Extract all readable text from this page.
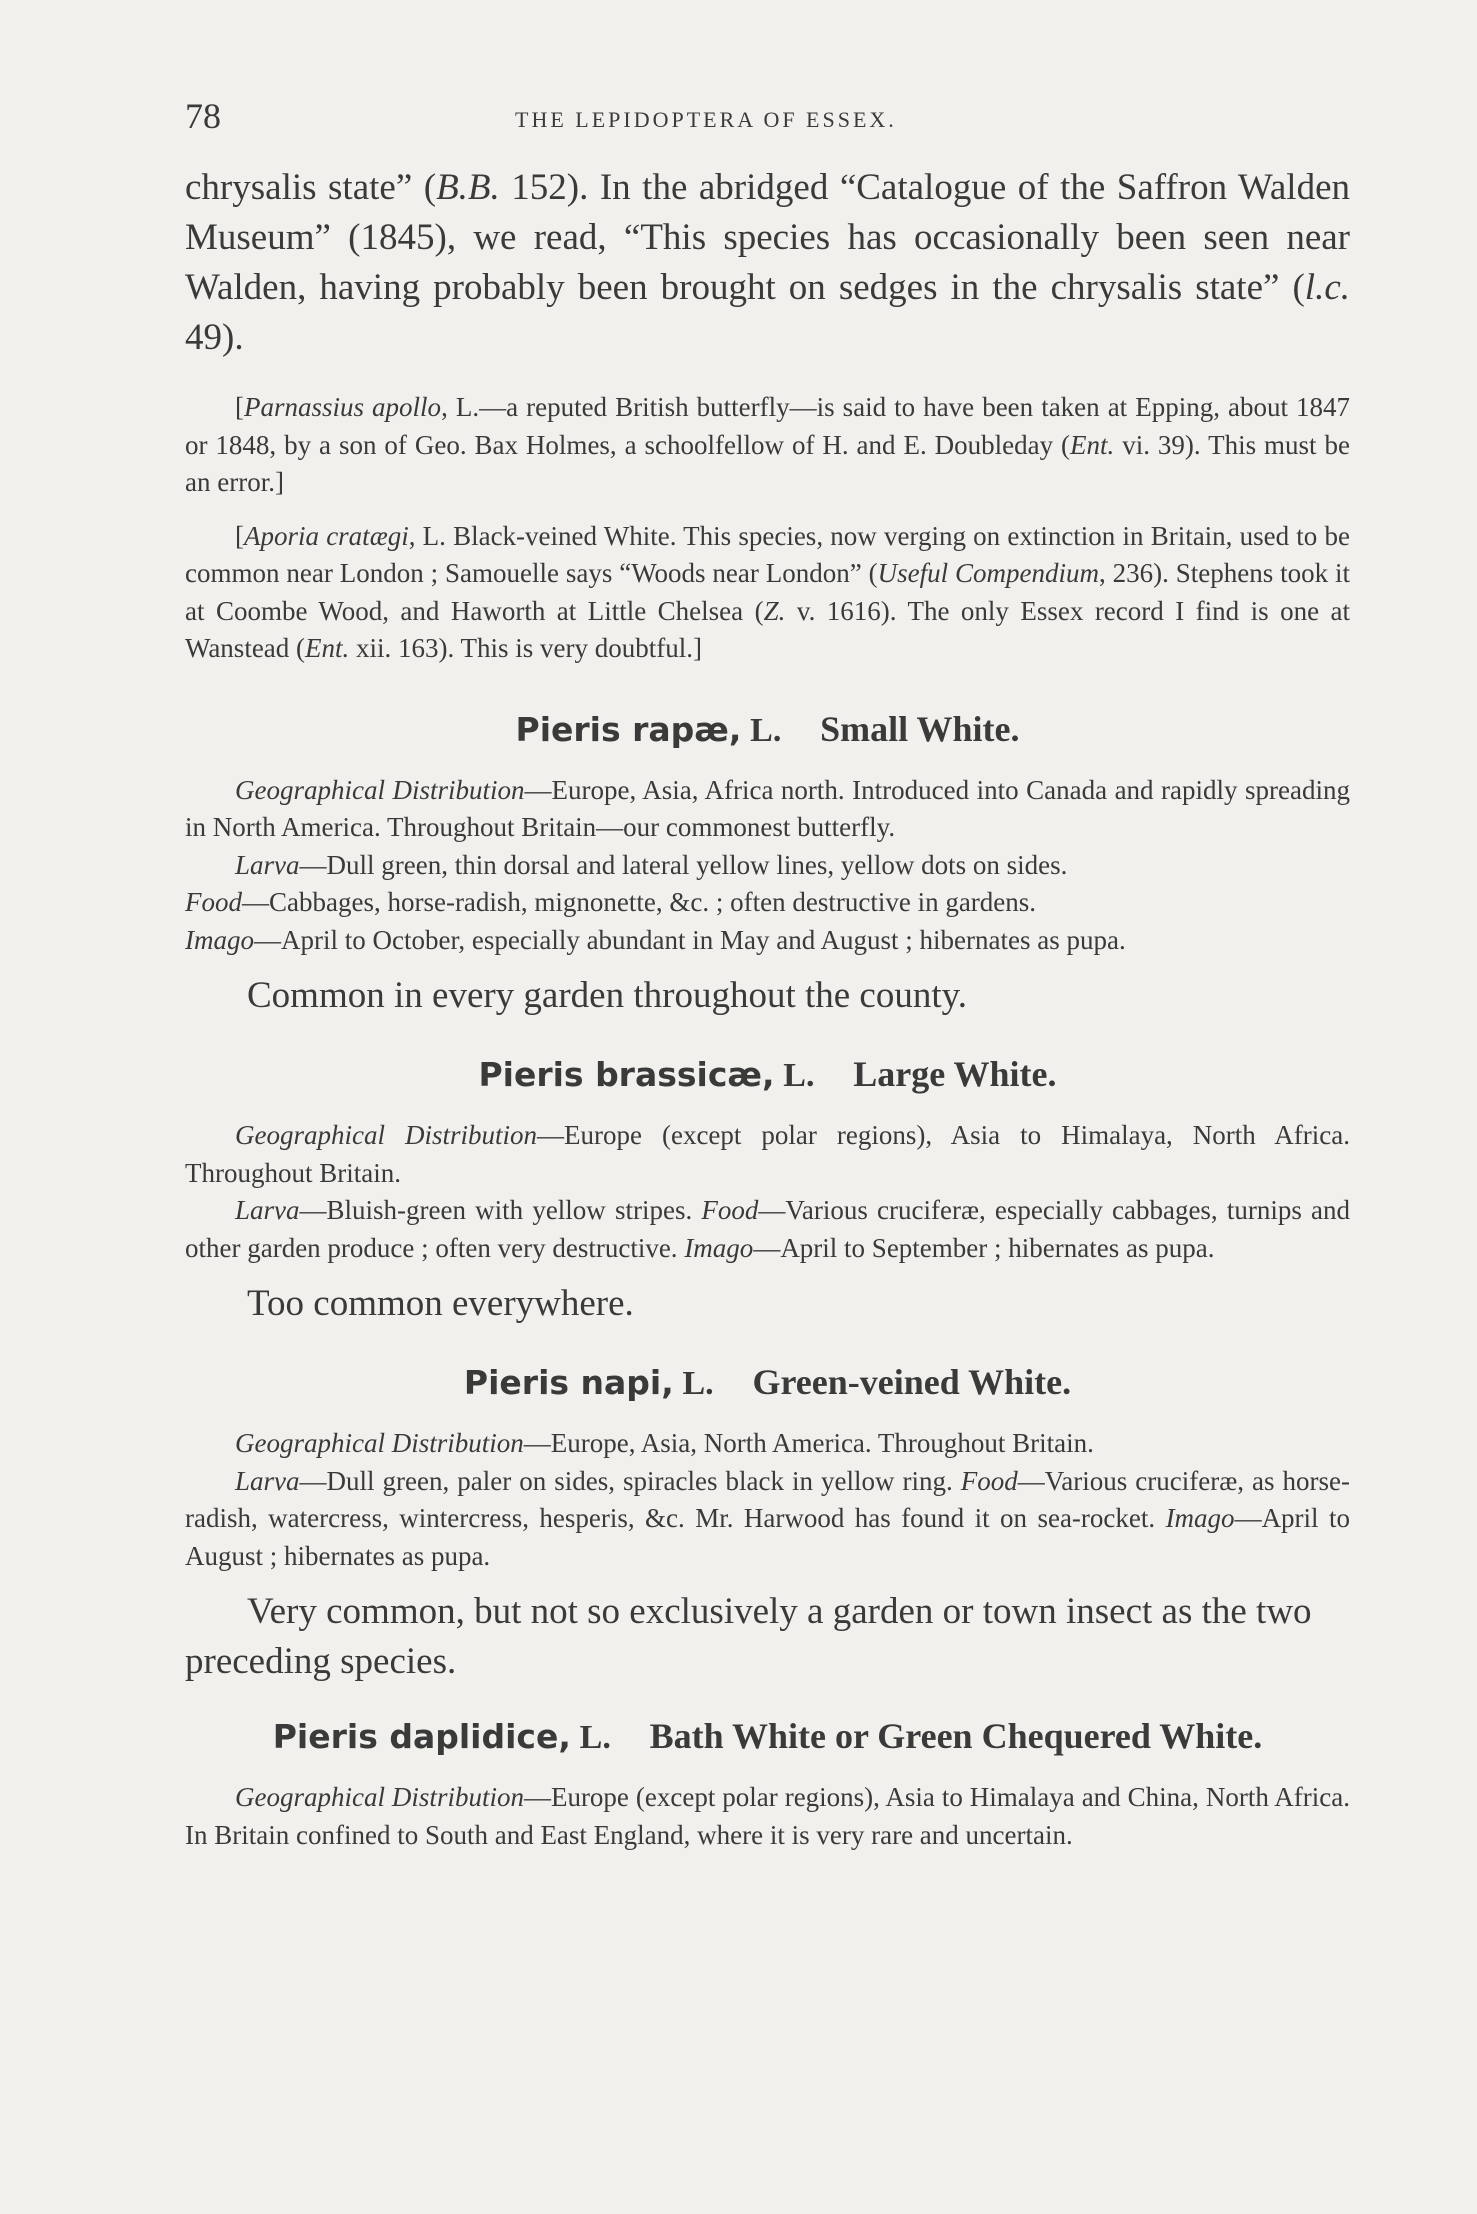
78	THE LEPIDOPTERA OF ESSEX.

chrysalis state” (B.B. 152). In the abridged “Catalogue of the Saffron Walden Museum” (1845), we read, “This species has occasionally been seen near Walden, having probably been brought on sedges in the chrysalis state” (l.c. 49).

[Parnassius apollo, L.—a reputed British butterfly—is said to have been taken at Epping, about 1847 or 1848, by a son of Geo. Bax Holmes, a schoolfellow of H. and E. Doubleday (Ent. vi. 39). This must be an error.]

[Aporia cratægi, L. Black-veined White. This species, now verging on extinction in Britain, used to be common near London ; Samouelle says “Woods near London” (Useful Compendium, 236). Stephens took it at Coombe Wood, and Haworth at Little Chelsea (Z. v. 1616). The only Essex record I find is one at Wanstead (Ent. xii. 163). This is very doubtful.]

Pieris rapæ, L. Small White.

Geographical Distribution—Europe, Asia, Africa north. Introduced into Canada and rapidly spreading in North America. Throughout Britain—our commonest butterfly.

Larva—Dull green, thin dorsal and lateral yellow lines, yellow dots on sides.

Food—Cabbages, horse-radish, mignonette, &c. ; often destructive in gardens.

Imago—April to October, especially abundant in May and August ; hibernates as pupa.

Common in every garden throughout the county.

Pieris brassicæ, L. Large White.

Geographical Distribution—Europe (except polar regions), Asia to Himalaya, North Africa. Throughout Britain.

Larva—Bluish-green with yellow stripes. Food—Various cruciferæ, especially cabbages, turnips and other garden produce ; often very destructive. Imago—April to September ; hibernates as pupa.

Too common everywhere.

Pieris napi, L. Green-veined White.

Geographical Distribution—Europe, Asia, North America. Throughout Britain.

Larva—Dull green, paler on sides, spiracles black in yellow ring. Food—Various cruciferæ, as horse-radish, watercress, wintercress, hesperis, &c. Mr. Harwood has found it on sea-rocket. Imago—April to August ; hibernates as pupa.

Very common, but not so exclusively a garden or town insect as the two preceding species.

Pieris daplidice, L. Bath White or Green Chequered White.

Geographical Distribution—Europe (except polar regions), Asia to Himalaya and China, North Africa. In Britain confined to South and East England, where it is very rare and uncertain.
